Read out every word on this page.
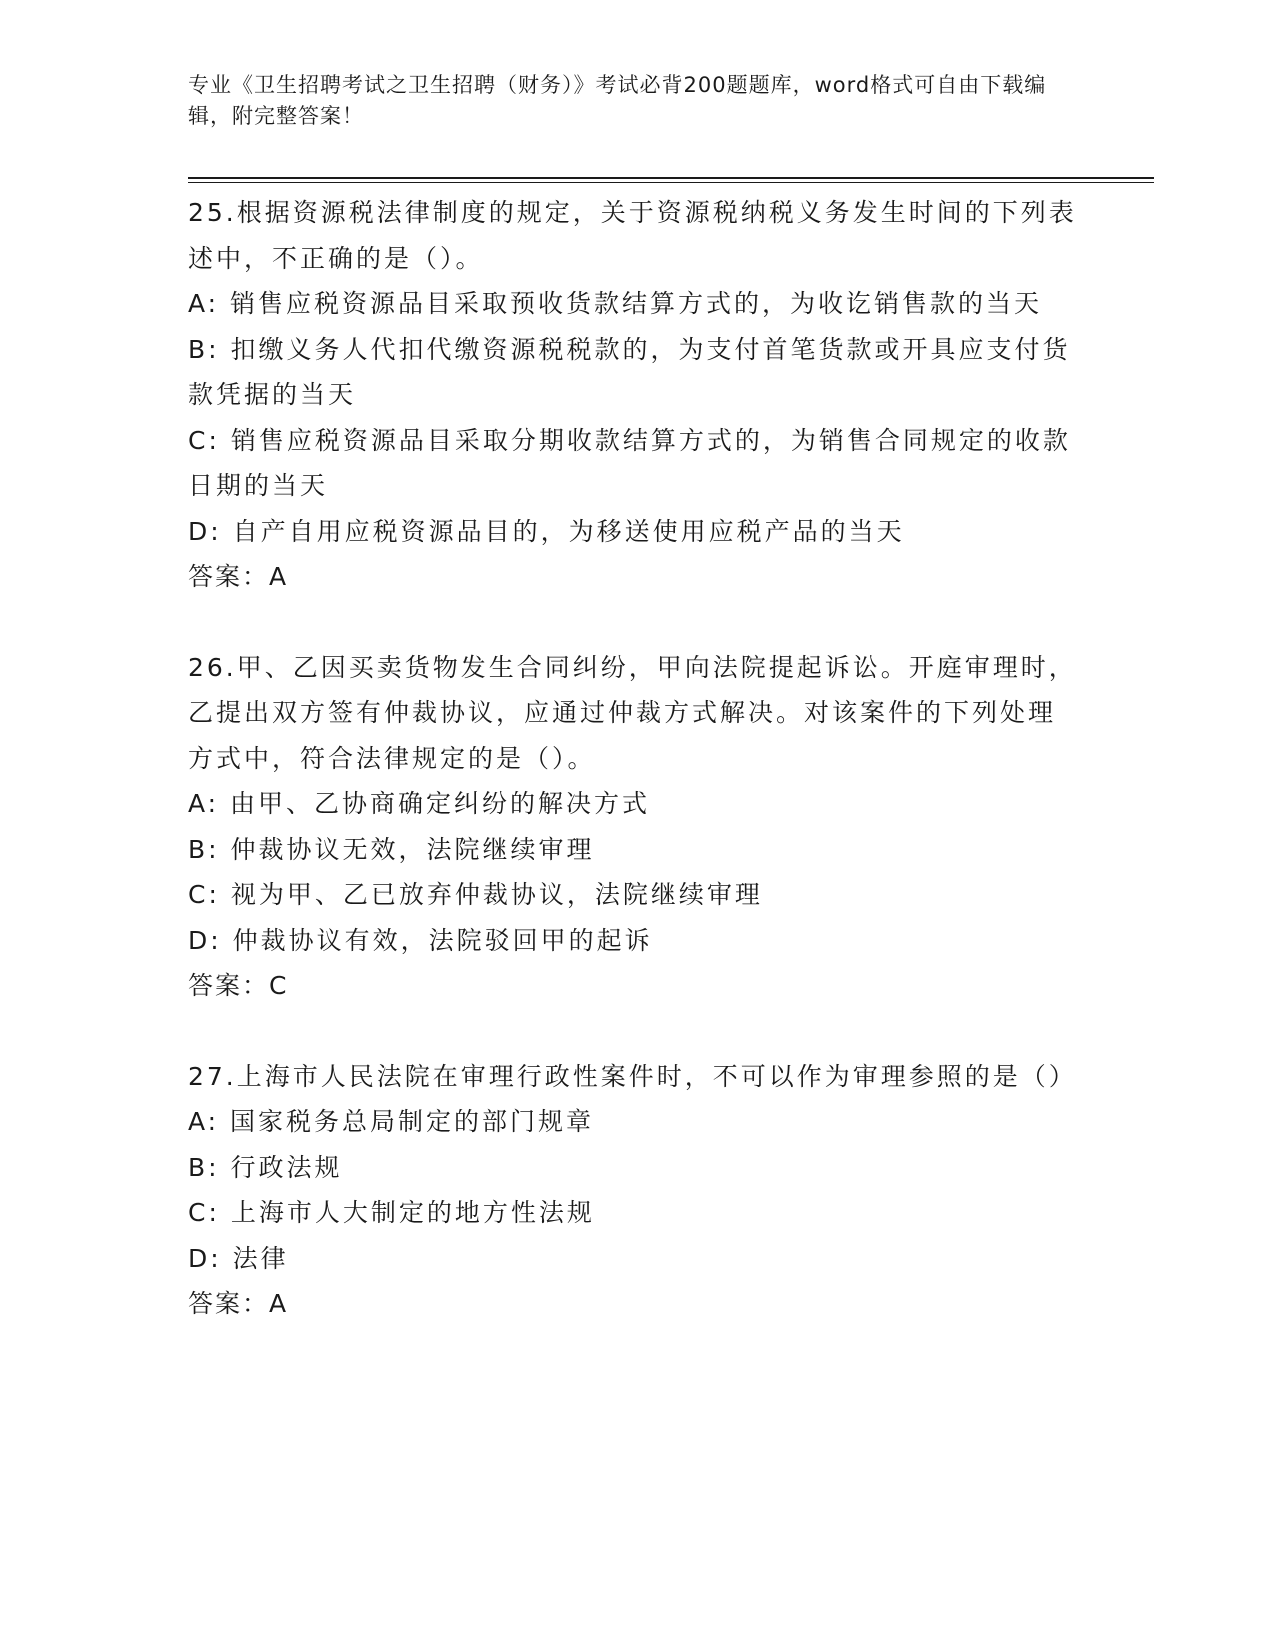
专业《卫生招聘考试之卫生招聘（财务）》考试必背200题题库，word格式可自由下载编辑，附完整答案！
25.根据资源税法律制度的规定，关于资源税纳税义务发生时间的下列表述中，不正确的是（）。
A: 销售应税资源品目采取预收货款结算方式的，为收讫销售款的当天
B: 扣缴义务人代扣代缴资源税税款的，为支付首笔货款或开具应支付货款凭据的当天
C: 销售应税资源品目采取分期收款结算方式的，为销售合同规定的收款日期的当天
D: 自产自用应税资源品目的，为移送使用应税产品的当天
答案：A
26.甲、乙因买卖货物发生合同纠纷，甲向法院提起诉讼。开庭审理时，乙提出双方签有仲裁协议，应通过仲裁方式解决。对该案件的下列处理方式中，符合法律规定的是（）。
A: 由甲、乙协商确定纠纷的解决方式
B: 仲裁协议无效，法院继续审理
C: 视为甲、乙已放弃仲裁协议，法院继续审理
D: 仲裁协议有效，法院驳回甲的起诉
答案：C
27.上海市人民法院在审理行政性案件时，不可以作为审理参照的是（）
A: 国家税务总局制定的部门规章
B: 行政法规
C: 上海市人大制定的地方性法规
D: 法律
答案：A
